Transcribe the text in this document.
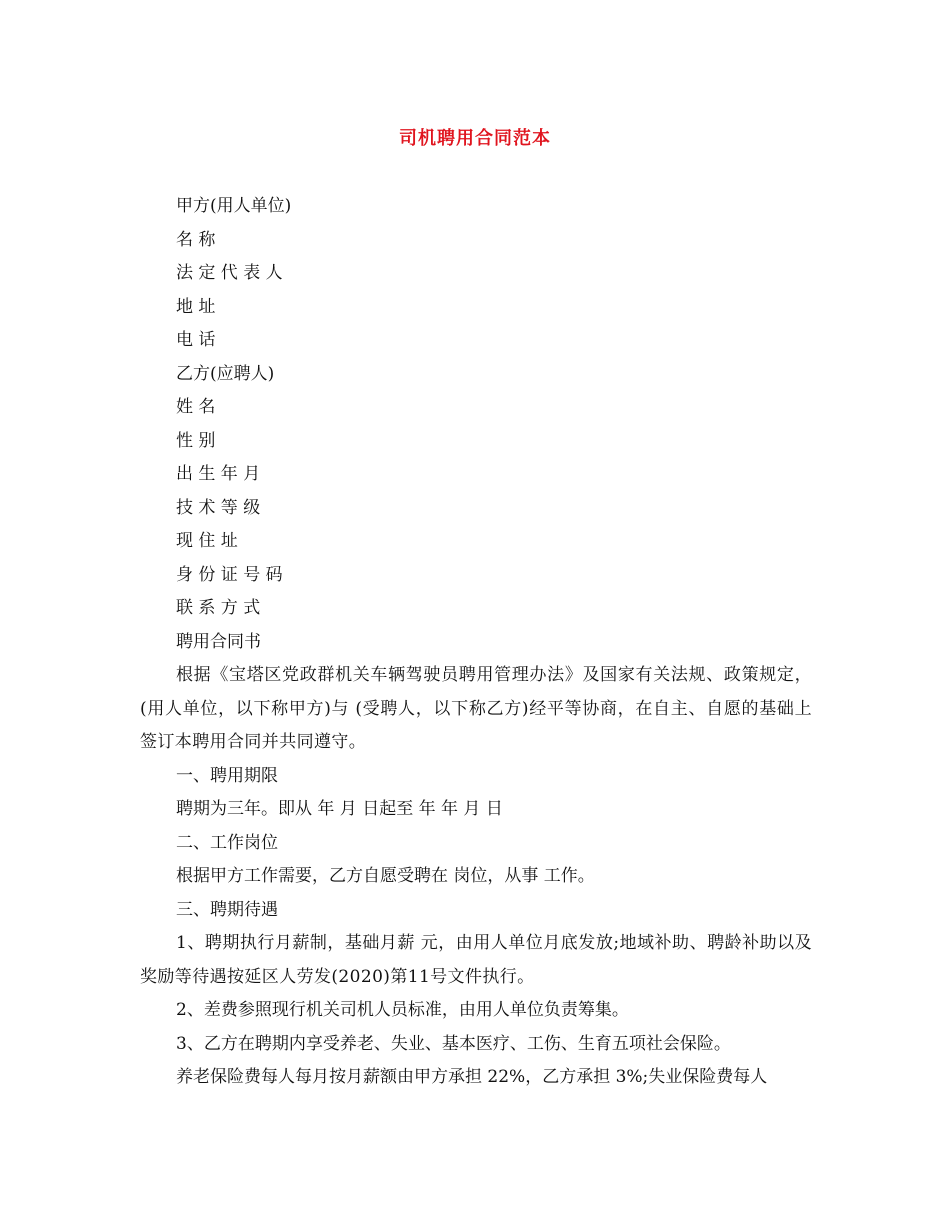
司机聘用合同范本
甲方(用人单位)
名 称
法 定 代 表 人
地 址
电 话
乙方(应聘人)
姓 名
性 别
出 生 年 月
技 术 等 级
现 住 址
身 份 证 号 码
联 系 方 式
聘用合同书
根据《宝塔区党政群机关车辆驾驶员聘用管理办法》及国家有关法规、政策规定， (用人单位，以下称甲方)与 (受聘人，以下称乙方)经平等协商，在自主、自愿的基础上签订本聘用合同并共同遵守。
一、聘用期限
聘期为三年。即从 年 月 日起至 年 年 月 日
二、工作岗位
根据甲方工作需要，乙方自愿受聘在 岗位，从事 工作。
三、聘期待遇
1、聘期执行月薪制，基础月薪 元，由用人单位月底发放;地域补助、聘龄补助以及奖励等待遇按延区人劳发(2020)第11号文件执行。
2、差费参照现行机关司机人员标准，由用人单位负责筹集。
3、乙方在聘期内享受养老、失业、基本医疗、工伤、生育五项社会保险。
养老保险费每人每月按月薪额由甲方承担 22%，乙方承担 3%;失业保险费每人
